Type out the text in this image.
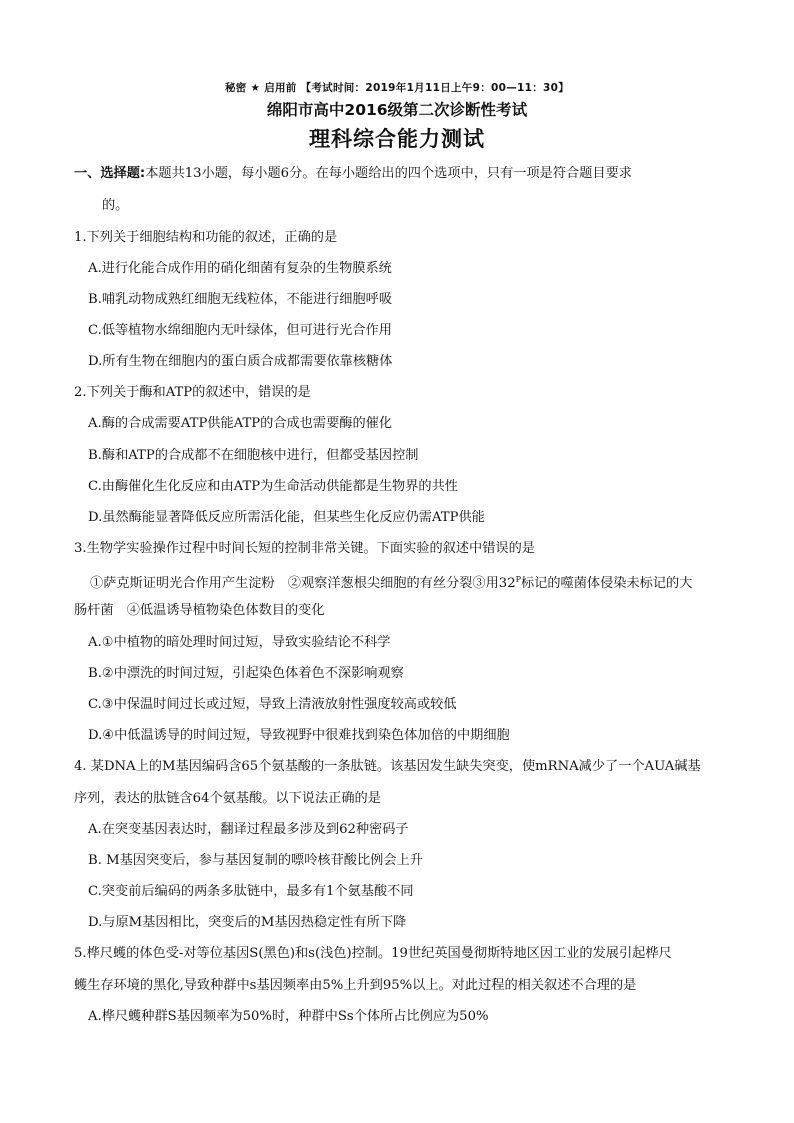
秘密 ★ 启用前 【考试时间：2019年1月11日上午9：00—11：30】
绵阳市高中2016级第二次诊断性考试
理科综合能力测试
一、选择题:本题共13小题，每小题6分。在每小题给出的四个选项中，只有一项是符合题目要求
的。
1.下列关于细胞结构和功能的叙述，正确的是
A.进行化能合成作用的硝化细菌有复杂的生物膜系统
B.哺乳动物成熟红细胞无线粒体，不能进行细胞呼吸
C.低等植物水绵细胞内无叶绿体，但可进行光合作用
D.所有生物在细胞内的蛋白质合成都需要依靠核糖体
2.下列关于酶和ATP的叙述中，错误的是
A.酶的合成需要ATP供能ATP的合成也需要酶的催化
B.酶和ATP的合成都不在细胞核中进行，但都受基因控制
C.由酶催化生化反应和由ATP为生命活动供能都是生物界的共性
D.虽然酶能显著降低反应所需活化能，但某些生化反应仍需ATP供能
3.生物学实验操作过程中时间长短的控制非常关键。下面实验的叙述中错误的是
①萨克斯证明光合作用产生淀粉　②观察洋葱根尖细胞的有丝分裂③用$32^P$标记的噬菌体侵染未标记的大
肠杆菌　④低温诱导植物染色体数目的变化
A.①中植物的暗处理时间过短，导致实验结论不科学
B.②中漂洗的时间过短，引起染色体着色不深影响观察
C.③中保温时间过长或过短，导致上清液放射性强度较高或较低
D.④中低温诱导的时间过短，导致视野中很难找到染色体加倍的中期细胞
4. 某DNA上的M基因编码含65个氨基酸的一条肽链。该基因发生缺失突变，使mRNA减少了一个AUA碱基
序列，表达的肽链含64个氨基酸。以下说法正确的是
A.在突变基因表达时，翻译过程最多涉及到62种密码子
B. M基因突变后，参与基因复制的嘌呤核苷酸比例会上升
C.突变前后编码的两条多肽链中，最多有1个氨基酸不同
D.与原M基因相比，突变后的M基因热稳定性有所下降
5.桦尺蠖的体色受-对等位基因S(黑色)和s(浅色)控制。19世纪英国曼彻斯特地区因工业的发展引起桦尺
蠖生存环境的黑化,导致种群中s基因频率由5%上升到95%以上。对此过程的相关叙述不合理的是
A.桦尺蠖种群S基因频率为50%时，种群中Ss个体所占比例应为50%
